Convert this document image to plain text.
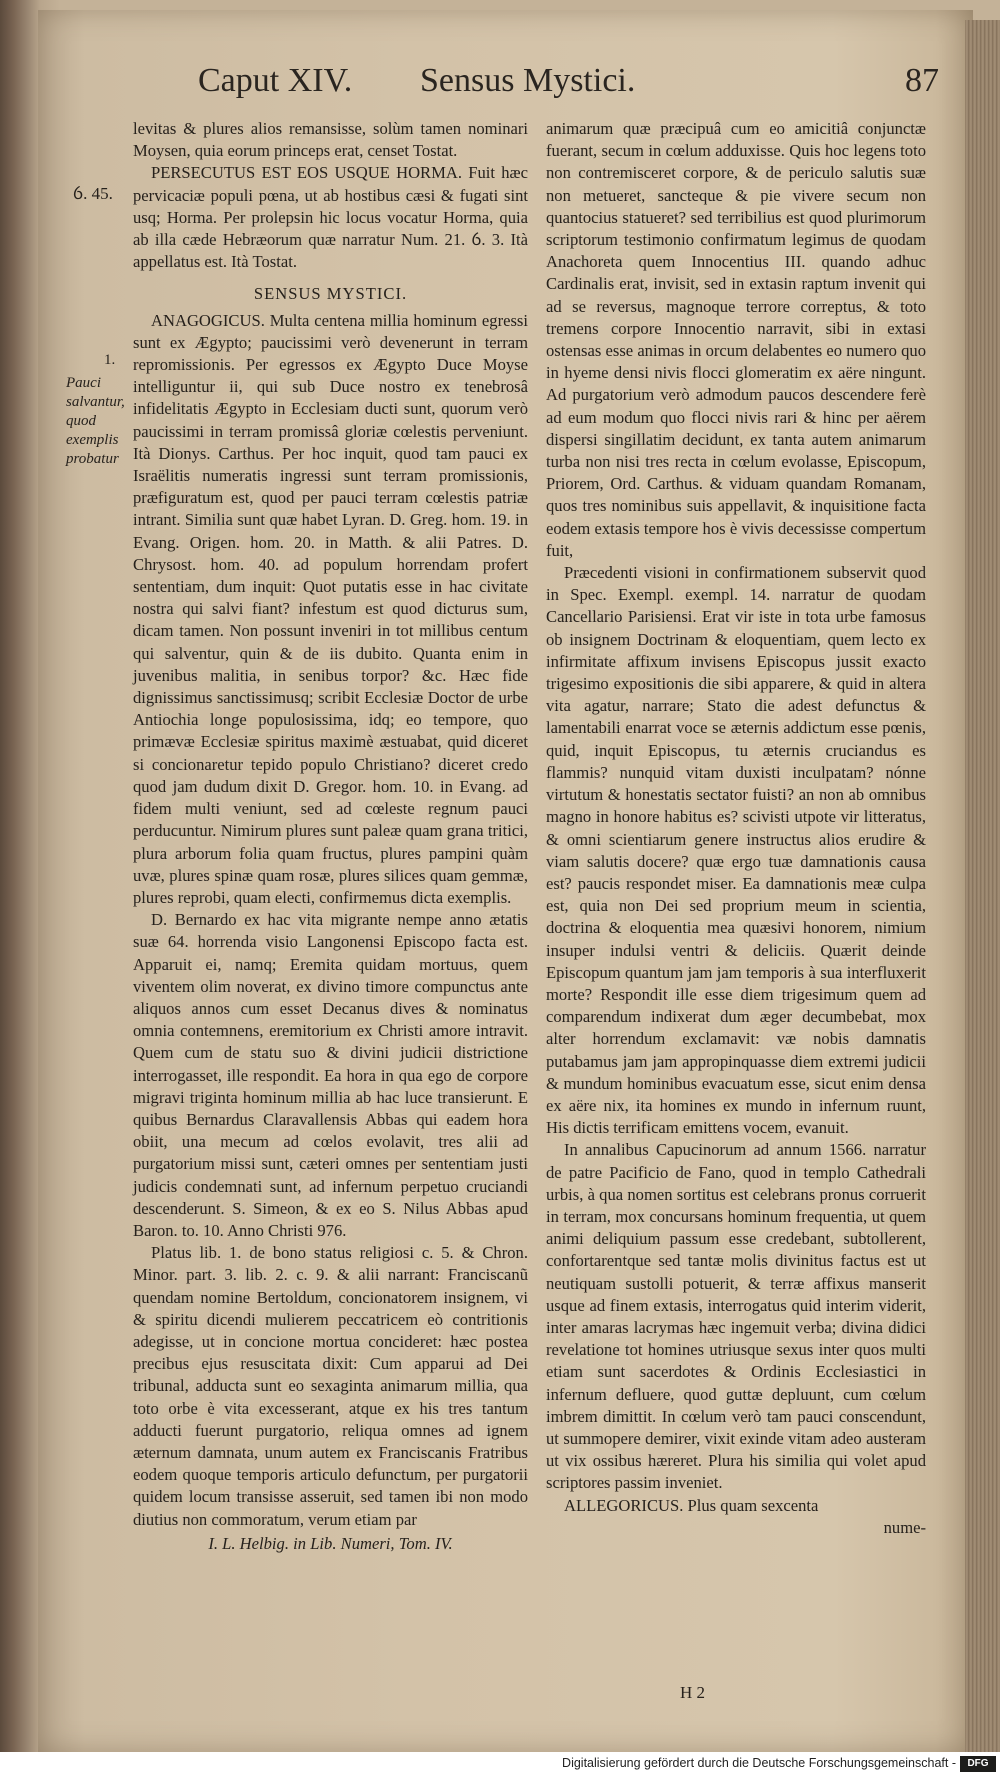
Caput XIV. Sensus Mystici.	87
ỽ. 45.
1.
Pauci salvantur, quod exemplis probatur

levitas & plures alios remansisse, solùm tamen nominari Moysen, quia eorum princeps erat, censet Tostat.

PERSECUTUS EST EOS USQUE HORMA. Fuit hæc pervicaciæ populi pœna, ut ab hostibus cæsi & fugati sint usq; Horma. Per prolepsin hic locus vocatur Horma, quia ab illa cæde Hebræorum quæ narratur Num. 21. ỽ. 3. Ità appellatus est. Ità Tostat.

SENSUS MYSTICI.

ANAGOGICUS. Multa centena millia hominum egressi sunt ex Ægypto; paucissimi verò devenerunt in terram repromissionis. Per egressos ex Ægypto Duce Moyse intelliguntur ii, qui sub Duce nostro ex tenebrosâ infidelitatis Ægypto in Ecclesiam ducti sunt, quorum verò paucissimi in terram promissâ gloriæ cœlestis perveniunt. Ità Dionys. Carthus. Per hoc inquit, quod tam pauci ex Israëlitis numeratis ingressi sunt terram promissionis, præfiguratum est, quod per pauci terram cœlestis patriæ intrant. Similia sunt quæ habet Lyran. D. Greg. hom. 19. in Evang. Origen. hom. 20. in Matth. & alii Patres. D. Chrysost. hom. 40. ad populum horrendam profert sententiam, dum inquit: Quot putatis esse in hac civitate nostra qui salvi fiant? infestum est quod dicturus sum, dicam tamen. Non possunt inveniri in tot millibus centum qui salventur, quin & de iis dubito. Quanta enim in juvenibus malitia, in senibus torpor? &c. Hæc fide dignissimus sanctissimusq; scribit Ecclesiæ Doctor de urbe Antiochia longe populosissima, idq; eo tempore, quo primævæ Ecclesiæ spiritus maximè æstuabat, quid diceret si concionaretur tepido populo Christiano? diceret credo quod jam dudum dixit D. Gregor. hom. 10. in Evang. ad fidem multi veniunt, sed ad cœleste regnum pauci perducuntur. Nimirum plures sunt paleæ quam grana tritici, plura arborum folia quam fructus, plures pampini quàm uvæ, plures spinæ quam rosæ, plures silices quam gemmæ, plures reprobi, quam electi, confirmemus dicta exemplis.

D. Bernardo ex hac vita migrante nempe anno ætatis suæ 64. horrenda visio Langonensi Episcopo facta est. Apparuit ei, namq; Eremita quidam mortuus, quem viventem olim noverat, ex divino timore compunctus ante aliquos annos cum esset Decanus dives & nominatus omnia contemnens, eremitorium ex Christi amore intravit. Quem cum de statu suo & divini judicii districtione interrogasset, ille respondit. Ea hora in qua ego de corpore migravi triginta hominum millia ab hac luce transierunt. E quibus Bernardus Claravallensis Abbas qui eadem hora obiit, una mecum ad cœlos evolavit, tres alii ad purgatorium missi sunt, cæteri omnes per sententiam justi judicis condemnati sunt, ad infernum perpetuo cruciandi descenderunt. S. Simeon, & ex eo S. Nilus Abbas apud Baron. to. 10. Anno Christi 976.

Platus lib. 1. de bono status religiosi c. 5. & Chron. Minor. part. 3. lib. 2. c. 9. & alii narrant: Franciscanũ quendam nomine Bertoldum, concionatorem insignem, vi & spiritu dicendi mulierem peccatricem eò contritionis adegisse, ut in concione mortua concideret: hæc postea precibus ejus resuscitata dixit: Cum apparui ad Dei tribunal, adducta sunt eo sexaginta animarum millia, qua toto orbe è vita excesserant, atque ex his tres tantum adducti fuerunt purgatorio, reliqua omnes ad ignem æternum damnata, unum autem ex Franciscanis Fratribus eodem quoque temporis articulo defunctum, per purgatorii quidem locum transisse asseruit, sed tamen ibi non modo diutius non commoratum, verum etiam par

I. L. Helbig. in Lib. Numeri, Tom. IV.

animarum quæ præcipuâ cum eo amicitiâ conjunctæ fuerant, secum in cœlum adduxisse. Quis hoc legens toto non contremisceret corpore, & de periculo salutis suæ non metueret, sancteque & pie vivere secum non quantocius statueret? sed terribilius est quod plurimorum scriptorum testimonio confirmatum legimus de quodam Anachoreta quem Innocentius III. quando adhuc Cardinalis erat, invisit, sed in extasin raptum invenit qui ad se reversus, magnoque terrore correptus, & toto tremens corpore Innocentio narravit, sibi in extasi ostensas esse animas in orcum delabentes eo numero quo in hyeme densi nivis flocci glomeratim ex aëre ningunt. Ad purgatorium verò admodum paucos descendere ferè ad eum modum quo flocci nivis rari & hinc per aërem dispersi singillatim decidunt, ex tanta autem animarum turba non nisi tres recta in cœlum evolasse, Episcopum, Priorem, Ord. Carthus. & viduam quandam Romanam, quos tres nominibus suis appellavit, & inquisitione facta eodem extasis tempore hos è vivis decessisse compertum fuit,

Præcedenti visioni in confirmationem subservit quod in Spec. Exempl. exempl. 14. narratur de quodam Cancellario Parisiensi. Erat vir iste in tota urbe famosus ob insignem Doctrinam & eloquentiam, quem lecto ex infirmitate affixum invisens Episcopus jussit exacto trigesimo expositionis die sibi apparere, & quid in altera vita agatur, narrare; Stato die adest defunctus & lamentabili enarrat voce se æternis addictum esse pœnis, quid, inquit Episcopus, tu æternis cruciandus es flammis? nunquid vitam duxisti inculpatam? nónne virtutum & honestatis sectator fuisti? an non ab omnibus magno in honore habitus es? scivisti utpote vir litteratus, & omni scientiarum genere instructus alios erudire & viam salutis docere? quæ ergo tuæ damnationis causa est? paucis respondet miser. Ea damnationis meæ culpa est, quia non Dei sed proprium meum in scientia, doctrina & eloquentia mea quæsivi honorem, nimium insuper indulsi ventri & deliciis. Quærit deinde Episcopum quantum jam jam temporis à sua interfluxerit morte? Respondit ille esse diem trigesimum quem ad comparendum indixerat dum æger decumbebat, mox alter horrendum exclamavit: væ nobis damnatis putabamus jam jam appropinquasse diem extremi judicii & mundum hominibus evacuatum esse, sicut enim densa ex aëre nix, ita homines ex mundo in infernum ruunt, His dictis terrificam emittens vocem, evanuit.

In annalibus Capucinorum ad annum 1566. narratur de patre Pacificio de Fano, quod in templo Cathedrali urbis, à qua nomen sortitus est celebrans pronus corruerit in terram, mox concursans hominum frequentia, ut quem animi deliquium passum esse credebant, subtollerent, confortarentque sed tantæ molis divinitus factus est ut neutiquam sustolli potuerit, & terræ affixus manserit usque ad finem extasis, interrogatus quid interim viderit, inter amaras lacrymas hæc ingemuit verba; divina didici revelatione tot homines utriusque sexus inter quos multi etiam sunt sacerdotes & Ordinis Ecclesiastici in infernum defluere, quod guttæ depluunt, cum cœlum imbrem dimittit. In cœlum verò tam pauci conscendunt, ut summopere demirer, vixit exinde vitam adeo austeram ut vix ossibus hæreret. Plura his similia qui volet apud scriptores passim inveniet.

ALLEGORICUS. Plus quam sexcenta

nume-

H 2
Digitalisierung gefördert durch die Deutsche Forschungsgemeinschaft -	DFG
